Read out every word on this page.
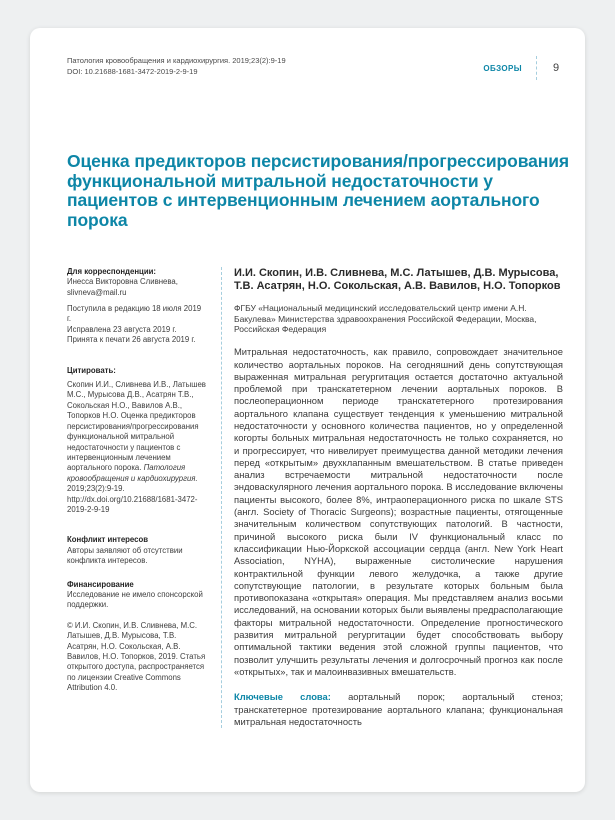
Патология кровообращения и кардиохирургия. 2019;23(2):9-19
DOI: 10.21688-1681-3472-2019-2-9-19	ОБЗОРЫ	9
Оценка предикторов персистирования/прогрессирования функциональной митральной недостаточности у пациентов с интервенционным лечением аортального порока
Для корреспонденции:
Инесса Викторовна Сливнева,
slivneva@mail.ru
Поступила в редакцию 18 июля 2019 г.
Исправлена 23 августа 2019 г.
Принята к печати 26 августа 2019 г.
Цитировать:
Скопин И.И., Сливнева И.В., Латышев М.С., Мурысова Д.В., Асатрян Т.В., Сокольская Н.О., Вавилов А.В., Топорков Н.О. Оценка предикторов персистирования/прогрессирования функциональной митральной недостаточности у пациентов с интервенционным лечением аортального порока. Патология кровообращения и кардиохирургия. 2019;23(2):9-19. http://dx.doi.org/10.21688/1681-3472-2019-2-9-19
Конфликт интересов
Авторы заявляют об отсутствии конфликта интересов.
Финансирование
Исследование не имело спонсорской поддержки.
© И.И. Скопин, И.В. Сливнева, М.С. Латышев, Д.В. Мурысова, Т.В. Асатрян, Н.О. Сокольская, А.В. Вавилов, Н.О. Топорков, 2019. Статья открытого доступа, распространяется по лицензии Creative Commons Attribution 4.0.
И.И. Скопин, И.В. Сливнева, М.С. Латышев, Д.В. Мурысова,
Т.В. Асатрян, Н.О. Сокольская, А.В. Вавилов, Н.О. Топорков
ФГБУ «Национальный медицинский исследовательский центр имени А.Н. Бакулева» Министерства здравоохранения Российской Федерации, Москва, Российская Федерация
Митральная недостаточность, как правило, сопровождает значительное количество аортальных пороков. На сегодняшний день сопутствующая выраженная митральная регургитация остается достаточно актуальной проблемой при транскатетерном лечении аортальных пороков. В послеоперационном периоде транскатетерного протезирования аортального клапана существует тенденция к уменьшению митральной недостаточности у основного количества пациентов, но у определенной когорты больных митральная недостаточность не только сохраняется, но и прогрессирует, что нивелирует преимущества данной методики лечения перед «открытым» двухклапанным вмешательством. В статье приведен анализ встречаемости митральной недостаточности после эндоваскулярного лечения аортального порока. В исследование включены пациенты высокого, более 8%, интраоперационного риска по шкале STS (англ. Society of Thoracic Surgeons); возрастные пациенты, отягощенные значительным количеством сопутствующих патологий. В частности, причиной высокого риска были IV функциональный класс по классификации Нью-Йоркской ассоциации сердца (англ. New York Heart Association, NYHA), выраженные систолические нарушения контрактильной функции левого желудочка, а также другие сопутствующие патологии, в результате которых больным была противопоказана «открытая» операция. Мы представляем анализ восьми исследований, на основании которых были выявлены предрасполагающие факторы митральной недостаточности. Определение прогностического развития митральной регургитации будет способствовать выбору оптимальной тактики ведения этой сложной группы пациентов, что позволит улучшить результаты лечения и долгосрочный прогноз как после «открытых», так и малоинвазивных вмешательств.
Ключевые слова: аортальный порок; аортальный стеноз; транскатетерное протезирование аортального клапана; функциональная митральная недостаточность
